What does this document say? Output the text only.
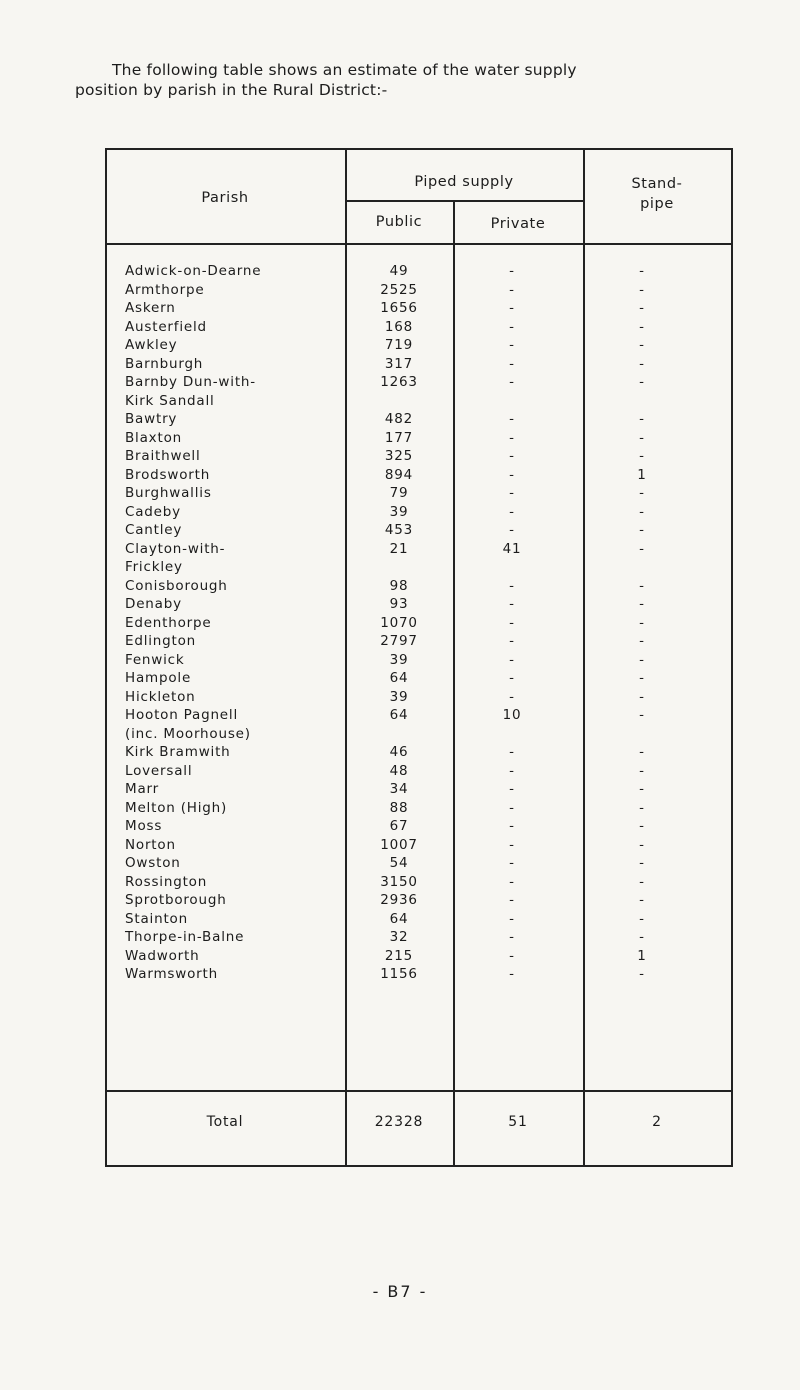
The following table shows an estimate of the water supply
position by parish in the Rural District:-
Parish
Piped supply
Public	Private
Stand-
pipe
Adwick-on-Dearne	49	-	-
Armthorpe	2525	-	-
Askern	1656	-	-
Austerfield	168	-	-
Awkley	719	-	-
Barnburgh	317	-	-
Barnby Dun-with-
Kirk Sandall
1263	-	-
Bawtry	482	-	-
Blaxton	177	-	-
Braithwell	325	-	-
Brodsworth	894	-	1
Burghwallis	79	-	-
Cadeby	39	-	-
Cantley	453	-	-
Clayton-with-
Frickley
21	41	-
Conisborough	98	-	-
Denaby	93	-	-
Edenthorpe	1070	-	-
Edlington	2797	-	-
Fenwick	39	-	-
Hampole	64	-	-
Hickleton	39	-	-
Hooton Pagnell
(inc. Moorhouse)
64	10	-
Kirk Bramwith	46	-	-
Loversall	48	-	-
Marr	34	-	-
Melton (High)	88	-	-
Moss	67	-	-
Norton	1007	-	-
Owston	54	-	-
Rossington	3150	-	-
Sprotborough	2936	-	-
Stainton	64	-	-
Thorpe-in-Balne	32	-	-
Wadworth	215	-	1
Warmsworth	1156	-	-
Total	22328	51	2
- B7 -
